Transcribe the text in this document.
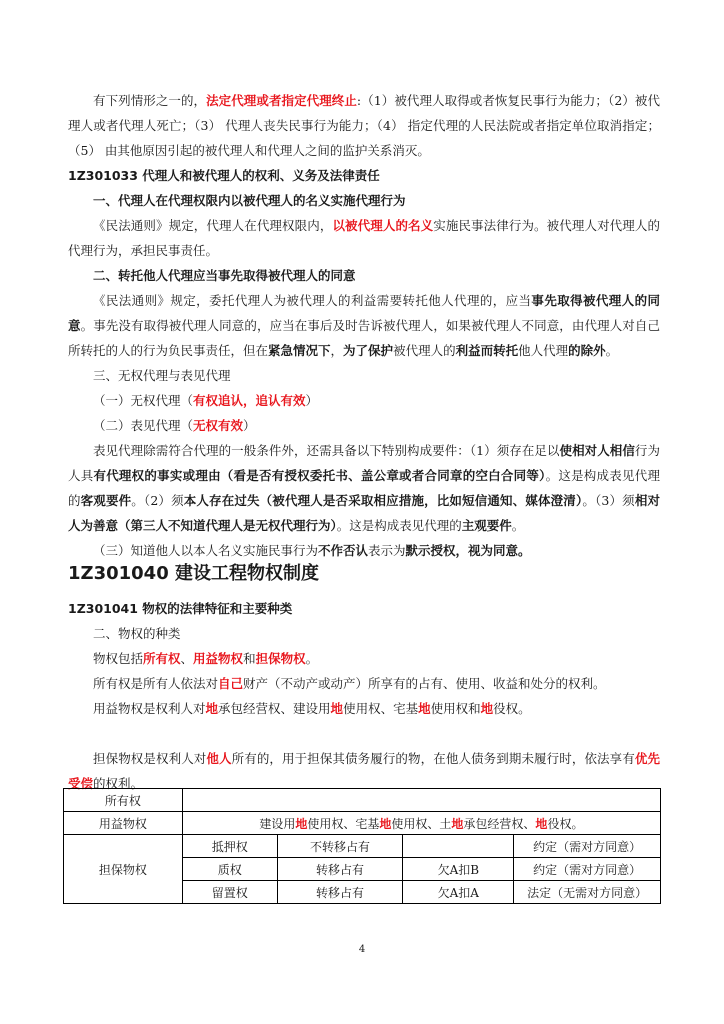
有下列情形之一的，法定代理或者指定代理终止:（1）被代理人取得或者恢复民事行为能力；（2）被代理人或者代理人死亡；（3） 代理人丧失民事行为能力；（4） 指定代理的人民法院或者指定单位取消指定；（5） 由其他原因引起的被代理人和代理人之间的监护关系消灭。

1Z301033 代理人和被代理人的权利、义务及法律责任

一、代理人在代理权限内以被代理人的名义实施代理行为

《民法通则》规定，代理人在代理权限内，以被代理人的名义实施民事法律行为。被代理人对代理人的代理行为，承担民事责任。

二、转托他人代理应当事先取得被代理人的同意

《民法通则》规定，委托代理人为被代理人的利益需要转托他人代理的，应当事先取得被代理人的同意。事先没有取得被代理人同意的，应当在事后及时告诉被代理人，如果被代理人不同意，由代理人对自己所转托的人的行为负民事责任，但在紧急情况下，为了保护被代理人的利益而转托他人代理的除外。

三、无权代理与表见代理

（一）无权代理（有权追认，追认有效）

（二）表见代理（无权有效）

表见代理除需符合代理的一般条件外，还需具备以下特别构成要件：（1）须存在足以使相对人相信行为人具有代理权的事实或理由（看是否有授权委托书、盖公章或者合同章的空白合同等）。这是构成表见代理的客观要件。（2）须本人存在过失（被代理人是否采取相应措施，比如短信通知、媒体澄清）。（3）须相对人为善意（第三人不知道代理人是无权代理行为）。这是构成表见代理的主观要件。

（三）知道他人以本人名义实施民事行为不作否认表示为默示授权，视为同意。

1Z301040 建设工程物权制度

1Z301041 物权的法律特征和主要种类

二、物权的种类

物权包括所有权、用益物权和担保物权。

所有权是所有人依法对自己财产（不动产或动产）所享有的占有、使用、收益和处分的权利。

用益物权是权利人对地承包经营权、建设用地使用权、宅基地使用权和地役权。

担保物权是权利人对他人所有的，用于担保其债务履行的物，在他人债务到期未履行时，依法享有优先受偿的权利。

所有权				
用益物权	建设用地使用权、宅基地使用权、土地承包经营权、地役权。			
担保物权	抵押权	不转移占有		约定（需对方同意）
	质权	转移占有	欠A扣B	约定（需对方同意）
	留置权	转移占有	欠A扣A	法定（无需对方同意）
4
